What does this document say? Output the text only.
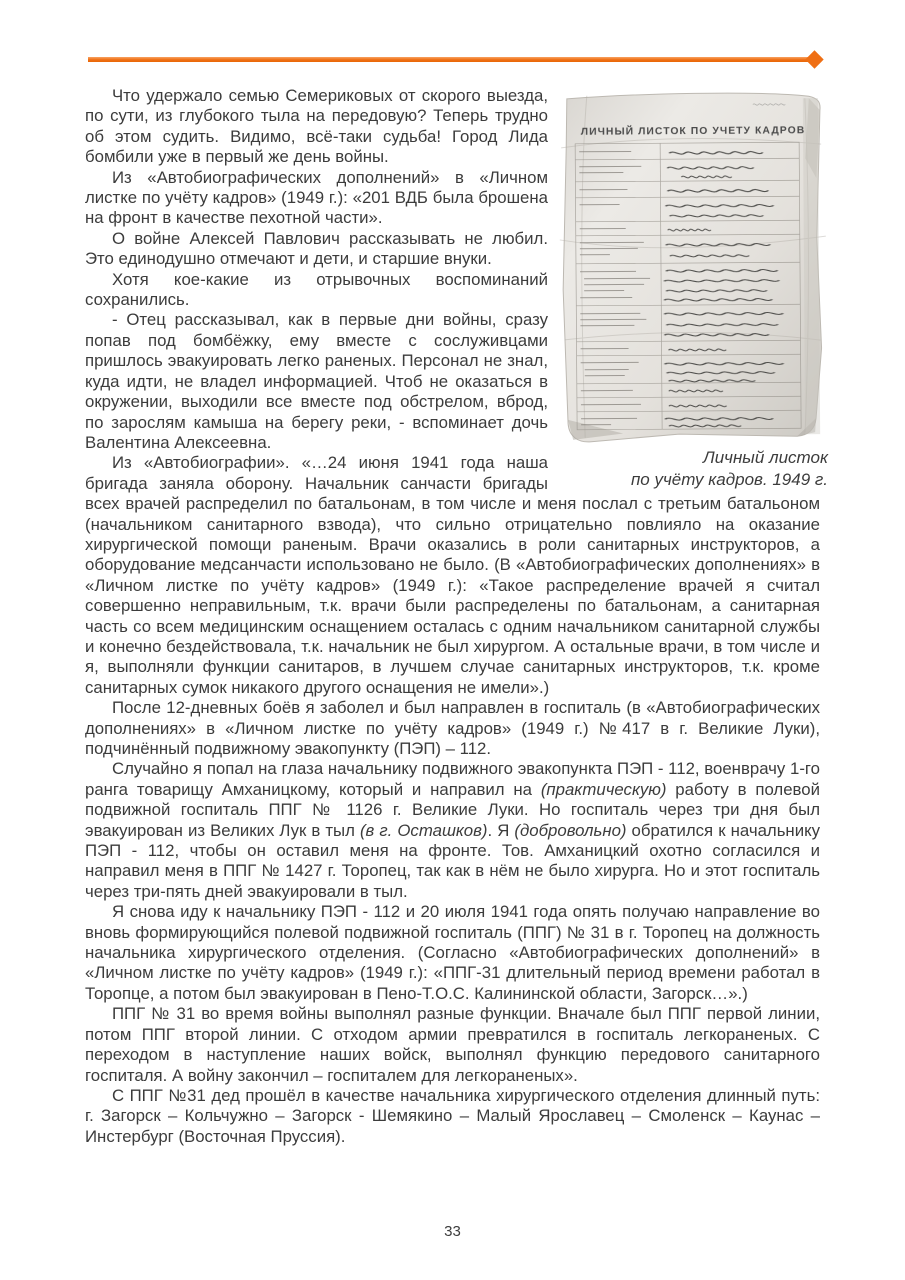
ЛИЧНЫЙ ЛИСТОК ПО УЧЕТУ КАДРОВ
Личный листок
по учёту кадров. 1949 г.

Что удержало семью Семериковых от скорого выезда, по сути, из глубокого тыла на передовую? Теперь трудно об этом судить. Видимо, всё-таки судьба! Город Лида бомбили уже в первый же день войны.

Из «Автобиографических дополнений» в «Личном листке по учёту кадров» (1949 г.): «201 ВДБ была брошена на фронт в качестве пехотной части».

О войне Алексей Павлович рассказывать не любил. Это единодушно отмечают и дети, и старшие внуки.

Хотя кое-какие из отрывочных воспоминаний сохранились.

- Отец рассказывал, как в первые дни войны, сразу попав под бомбёжку, ему вместе с сослуживцами пришлось эвакуировать легко раненых. Персонал не знал, куда идти, не владел информацией. Чтоб не оказаться в окружении, выходили все вместе под обстрелом, вброд, по зарослям камыша на берегу реки, - вспоминает дочь Валентина Алексеевна.

Из «Автобиографии». «…24 июня 1941 года наша бригада заняла оборону. Начальник санчасти бригады всех врачей распределил по батальонам, в том числе и меня послал с третьим батальоном (начальником санитарного взвода), что сильно отрицательно повлияло на оказание хирургической помощи раненым. Врачи оказались в роли санитарных инструкторов, а оборудование медсанчасти использовано не было. (В «Автобиографических дополнениях» в «Личном листке по учёту кадров» (1949 г.): «Такое распределение врачей я считал совершенно неправильным, т.к. врачи были распределены по батальонам, а санитарная часть со всем медицинским оснащением осталась с одним начальником санитарной службы и конечно бездействовала, т.к. начальник не был хирургом. А остальные врачи, в том числе и я, выполняли функции санитаров, в лучшем случае санитарных инструкторов, т.к. кроме санитарных сумок никакого другого оснащения не имели».)

После 12-дневных боёв я заболел и был направлен в госпиталь (в «Автобиографических дополнениях» в «Личном листке по учёту кадров» (1949 г.) №417 в г. Великие Луки), подчинённый подвижному эвакопункту (ПЭП) – 112.

Случайно я попал на глаза начальнику подвижного эвакопункта ПЭП - 112, военврачу 1-го ранга товарищу Амханицкому, который и направил на (практическую) работу в полевой подвижной госпиталь ППГ № 1126 г. Великие Луки. Но госпиталь через три дня был эвакуирован из Великих Лук в тыл (в г. Осташков). Я (добровольно) обратился к начальнику ПЭП - 112, чтобы он оставил меня на фронте. Тов. Амханицкий охотно согласился и направил меня в ППГ № 1427 г. Торопец, так как в нём не было хирурга. Но и этот госпиталь через три-пять дней эвакуировали в тыл.

Я снова иду к начальнику ПЭП - 112 и 20 июля 1941 года опять получаю направление во вновь формирующийся полевой подвижной госпиталь (ППГ) № 31 в г. Торопец на должность начальника хирургического отделения. (Согласно «Автобиографических дополнений» в «Личном листке по учёту кадров» (1949 г.): «ППГ-31 длительный период времени работал в Торопце, а потом был эвакуирован в Пено-Т.О.С. Калининской области, Загорск…».)

ППГ № 31 во время войны выполнял разные функции. Вначале был ППГ первой линии, потом ППГ второй линии. С отходом армии превратился в госпиталь легкораненых. С переходом в наступление наших войск, выполнял функцию передового санитарного госпиталя. А войну закончил – госпиталем для легкораненых».

С ППГ №31 дед прошёл в качестве начальника хирургического отделения длинный путь: г. Загорск – Кольчужно – Загорск - Шемякино – Малый Ярославец – Смоленск – Каунас – Инстербург (Восточная Пруссия).

33
